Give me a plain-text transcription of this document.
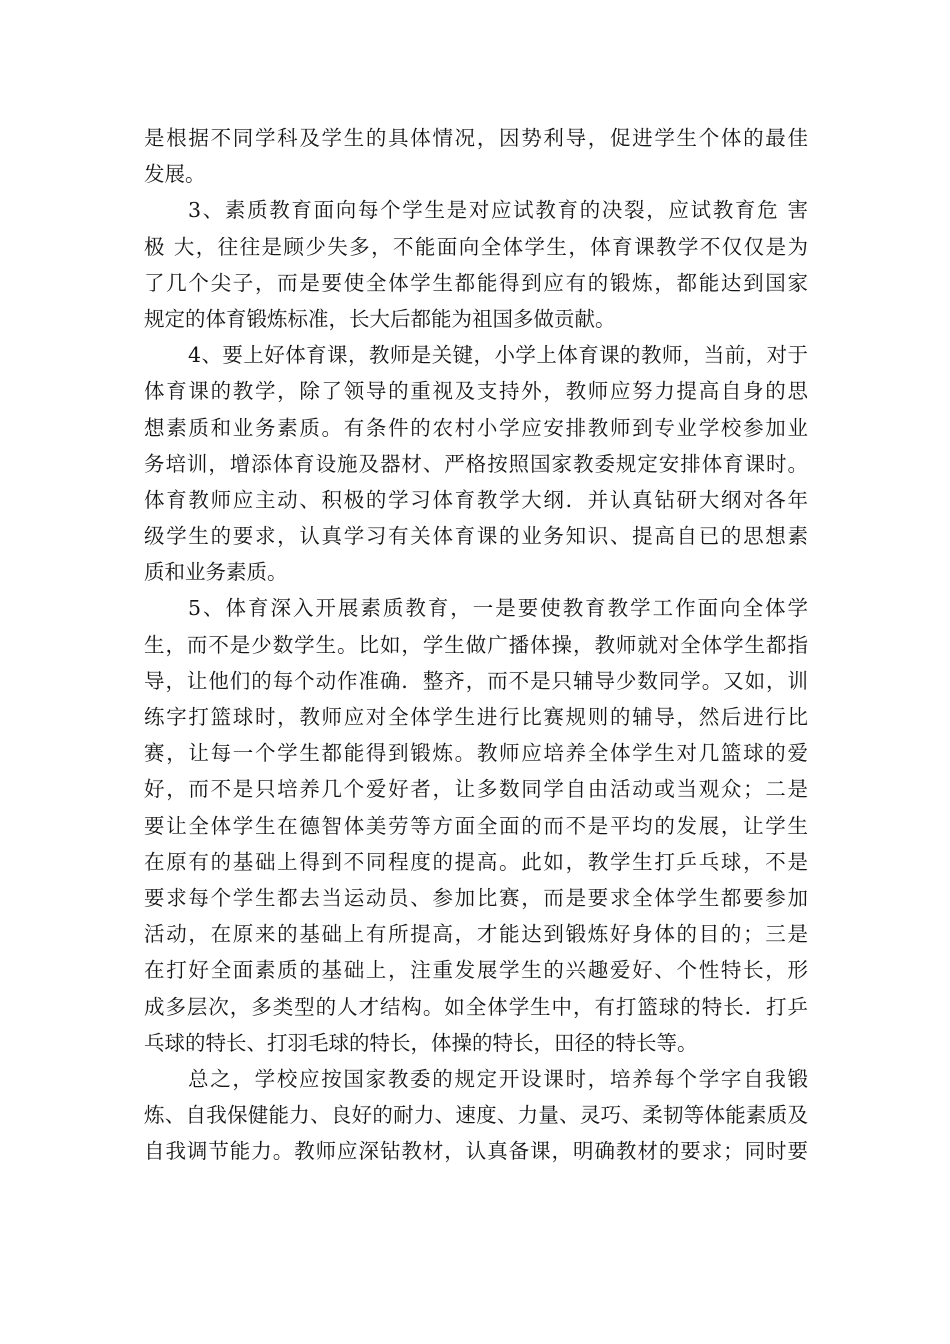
是根据不同学科及学生的具体情况，因势利导，促进学生个体的最佳
发展。
3、素质教育面向每个学生是对应试教育的决裂，应试教育危 害
极 大，往往是顾少失多，不能面向全体学生，体育课教学不仅仅是为
了几个尖子，而是要使全体学生都能得到应有的锻炼，都能达到国家
规定的体育锻炼标准，长大后都能为祖国多做贡献。
4、要上好体育课，教师是关键，小学上体育课的教师，当前，对于
体育课的教学，除了领导的重视及支持外，教师应努力提高自身的思
想素质和业务素质。有条件的农村小学应安排教师到专业学校参加业
务培训，增添体育设施及器材、严格按照国家教委规定安排体育课时。
体育教师应主动、积极的学习体育教学大纲．并认真钻研大纲对各年
级学生的要求，认真学习有关体育课的业务知识、提高自已的思想素
质和业务素质。
5、体育深入开展素质教育，一是要使教育教学工作面向全体学
生，而不是少数学生。比如，学生做广播体操，教师就对全体学生都指
导，让他们的每个动作准确．整齐，而不是只辅导少数同学。又如，训
练字打篮球时，教师应对全体学生进行比赛规则的辅导，然后进行比
赛，让每一个学生都能得到锻炼。教师应培养全体学生对几篮球的爱
好，而不是只培养几个爱好者，让多数同学自由活动或当观众；二是
要让全体学生在德智体美劳等方面全面的而不是平均的发展，让学生
在原有的基础上得到不同程度的提高。此如，教学生打乒乓球，不是
要求每个学生都去当运动员、参加比赛，而是要求全体学生都要参加
活动，在原来的基础上有所提高，才能达到锻炼好身体的目的；三是
在打好全面素质的基础上，注重发展学生的兴趣爱好、个性特长，形
成多层次，多类型的人才结构。如全体学生中，有打篮球的特长．打乒
乓球的特长、打羽毛球的特长，体操的特长，田径的特长等。
总之，学校应按国家教委的规定开设课时，培养每个学字自我锻
炼、自我保健能力、良好的耐力、速度、力量、灵巧、柔韧等体能素质及
自我调节能力。教师应深钻教材，认真备课，明确教材的要求；同时要
